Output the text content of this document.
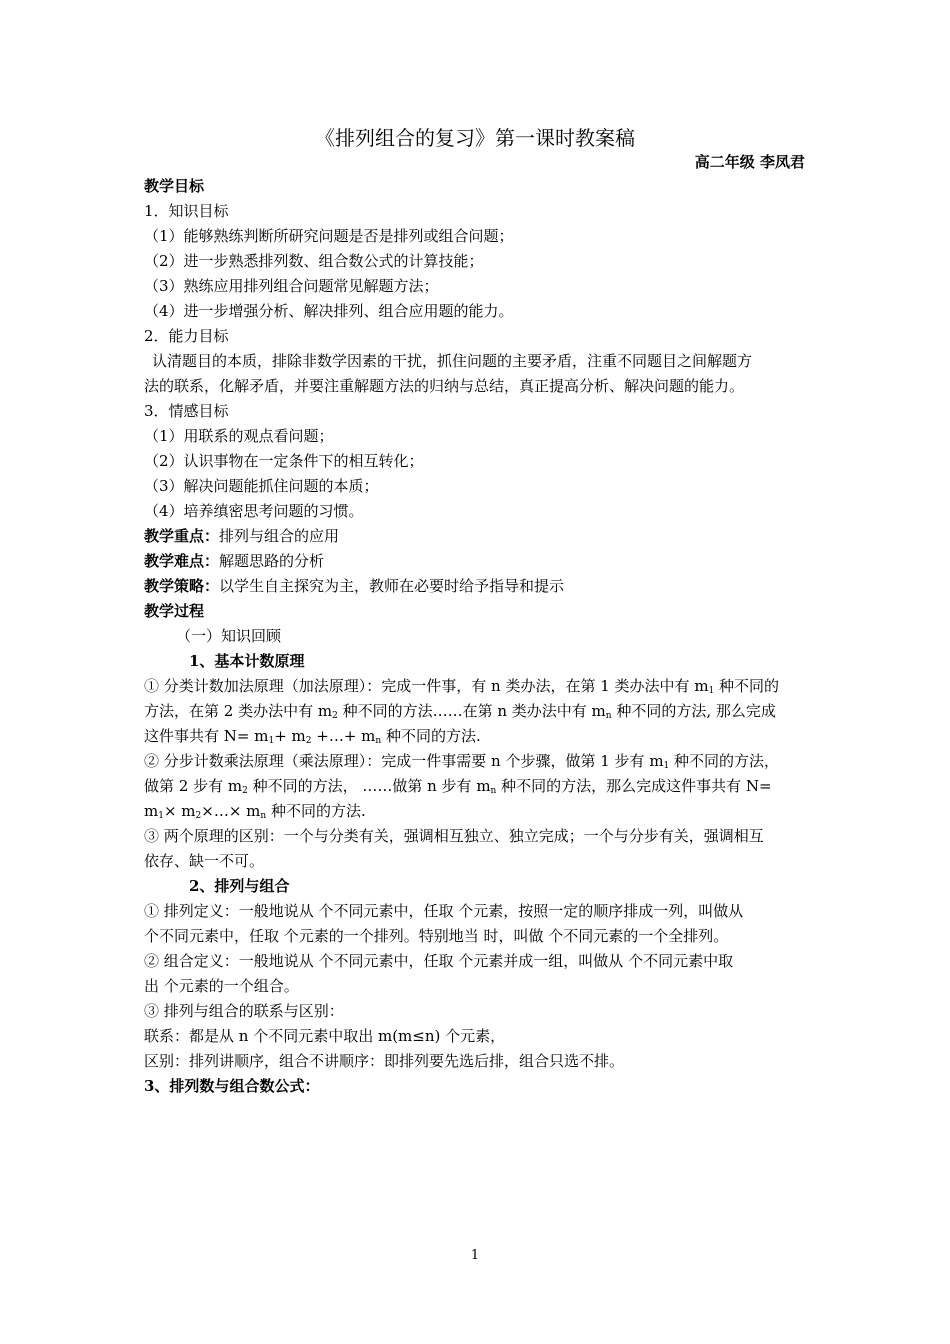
《排列组合的复习》第一课时教案稿
高二年级 李凤君
教学目标
1．知识目标
（1）能够熟练判断所研究问题是否是排列或组合问题；
（2）进一步熟悉排列数、组合数公式的计算技能；
（3）熟练应用排列组合问题常见解题方法；
（4）进一步增强分析、解决排列、组合应用题的能力。
2．能力目标
认清题目的本质，排除非数学因素的干扰，抓住问题的主要矛盾，注重不同题目之间解题方
法的联系，化解矛盾，并要注重解题方法的归纳与总结，真正提高分析、解决问题的能力。
3．情感目标
（1）用联系的观点看问题；
（2）认识事物在一定条件下的相互转化；
（3）解决问题能抓住问题的本质；
（4）培养缜密思考问题的习惯。
教学重点：排列与组合的应用
教学难点：解题思路的分析
教学策略：以学生自主探究为主，教师在必要时给予指导和提示
教学过程
（一）知识回顾
1、基本计数原理
① 分类计数加法原理（加法原理）：完成一件事，有 n 类办法，在第 1 类办法中有 $m_1$ 种不同的
方法，在第 2 类办法中有 $m_2$ 种不同的方法……在第 n 类办法中有 $m_n$ 种不同的方法, 那么完成
这件事共有 $N= m_1+ m_2$ +…+ $m_n$ 种不同的方法.
② 分步计数乘法原理（乘法原理）：完成一件事需要 n 个步骤，做第 1 步有 $m_1$ 种不同的方法，
做第 2 步有 $m_2$ 种不同的方法， ……做第 n 步有 $m_n$ 种不同的方法，那么完成这件事共有 N=
$m_1\times$ $m_2\times\dots\times m_n$ 种不同的方法.
③ 两个原理的区别：一个与分类有关，强调相互独立、独立完成；一个与分步有关，强调相互
依存、缺一不可。
2、排列与组合
① 排列定义：一般地说从 个不同元素中，任取 个元素，按照一定的顺序排成一列，叫做从
个不同元素中，任取 个元素的一个排列。特别地当 时，叫做 个不同元素的一个全排列。
② 组合定义：一般地说从 个不同元素中，任取 个元素并成一组，叫做从 个不同元素中取
出 个元素的一个组合。
③ 排列与组合的联系与区别：
联系：都是从 n 个不同元素中取出 m(m≤n) 个元素，
区别：排列讲顺序，组合不讲顺序：即排列要先选后排，组合只选不排。
3、排列数与组合数公式：
1
